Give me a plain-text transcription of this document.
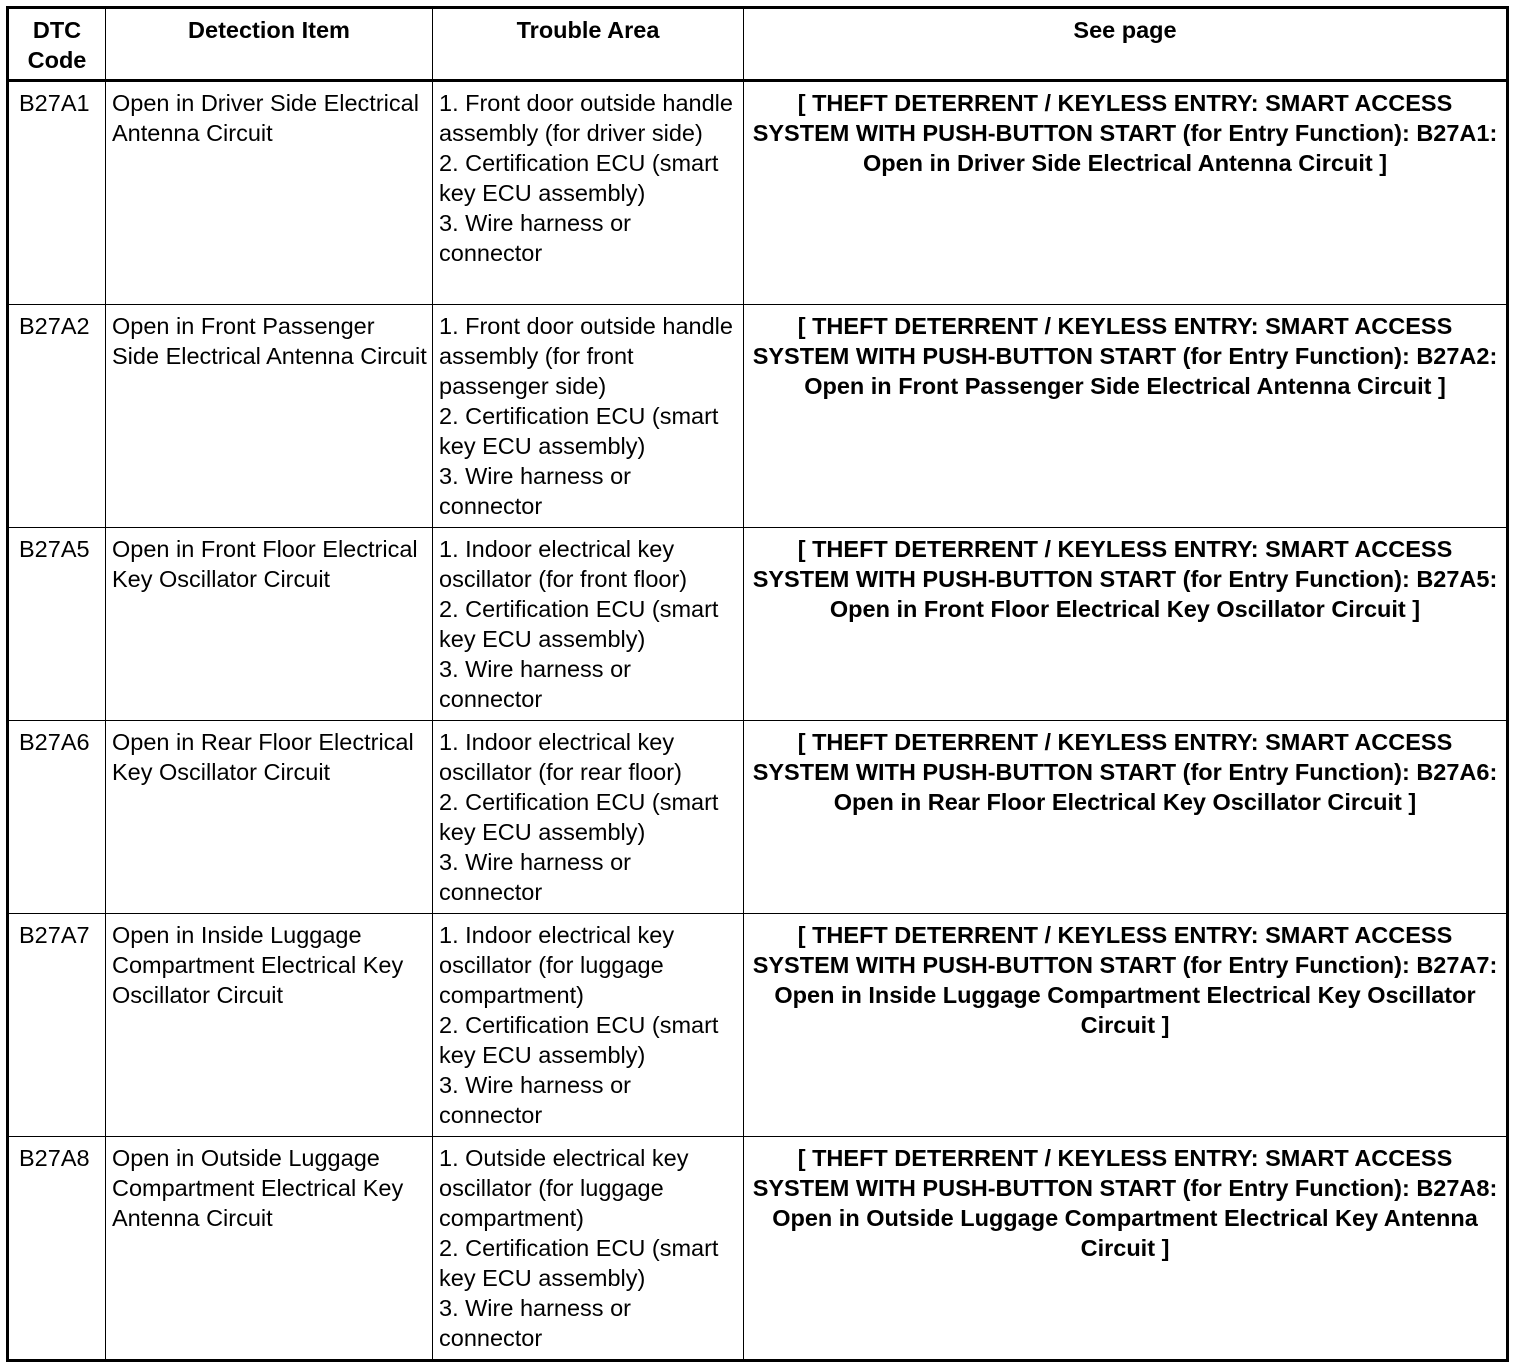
DTC Code	Detection Item	Trouble Area	See page
B27A1	Open in Driver Side Electrical Antenna Circuit	1. Front door outside handle assembly (for driver side)
2. Certification ECU (smart key ECU assembly)
3. Wire harness or connector	[ THEFT DETERRENT / KEYLESS ENTRY: SMART ACCESS SYSTEM WITH PUSH-BUTTON START (for Entry Function): B27A1: Open in Driver Side Electrical Antenna Circuit ]
B27A2	Open in Front Passenger Side Electrical Antenna Circuit	1. Front door outside handle assembly (for front passenger side)
2. Certification ECU (smart key ECU assembly)
3. Wire harness or connector	[ THEFT DETERRENT / KEYLESS ENTRY: SMART ACCESS SYSTEM WITH PUSH-BUTTON START (for Entry Function): B27A2: Open in Front Passenger Side Electrical Antenna Circuit ]
B27A5	Open in Front Floor Electrical Key Oscillator Circuit	1. Indoor electrical key oscillator (for front floor)
2. Certification ECU (smart key ECU assembly)
3. Wire harness or connector	[ THEFT DETERRENT / KEYLESS ENTRY: SMART ACCESS SYSTEM WITH PUSH-BUTTON START (for Entry Function): B27A5: Open in Front Floor Electrical Key Oscillator Circuit ]
B27A6	Open in Rear Floor Electrical Key Oscillator Circuit	1. Indoor electrical key oscillator (for rear floor)
2. Certification ECU (smart key ECU assembly)
3. Wire harness or connector	[ THEFT DETERRENT / KEYLESS ENTRY: SMART ACCESS SYSTEM WITH PUSH-BUTTON START (for Entry Function): B27A6: Open in Rear Floor Electrical Key Oscillator Circuit ]
B27A7	Open in Inside Luggage Compartment Electrical Key Oscillator Circuit	1. Indoor electrical key oscillator (for luggage compartment)
2. Certification ECU (smart key ECU assembly)
3. Wire harness or connector	[ THEFT DETERRENT / KEYLESS ENTRY: SMART ACCESS SYSTEM WITH PUSH-BUTTON START (for Entry Function): B27A7: Open in Inside Luggage Compartment Electrical Key Oscillator Circuit ]
B27A8	Open in Outside Luggage Compartment Electrical Key Antenna Circuit	1. Outside electrical key oscillator (for luggage compartment)
2. Certification ECU (smart key ECU assembly)
3. Wire harness or connector	[ THEFT DETERRENT / KEYLESS ENTRY: SMART ACCESS SYSTEM WITH PUSH-BUTTON START (for Entry Function): B27A8: Open in Outside Luggage Compartment Electrical Key Antenna Circuit ]
